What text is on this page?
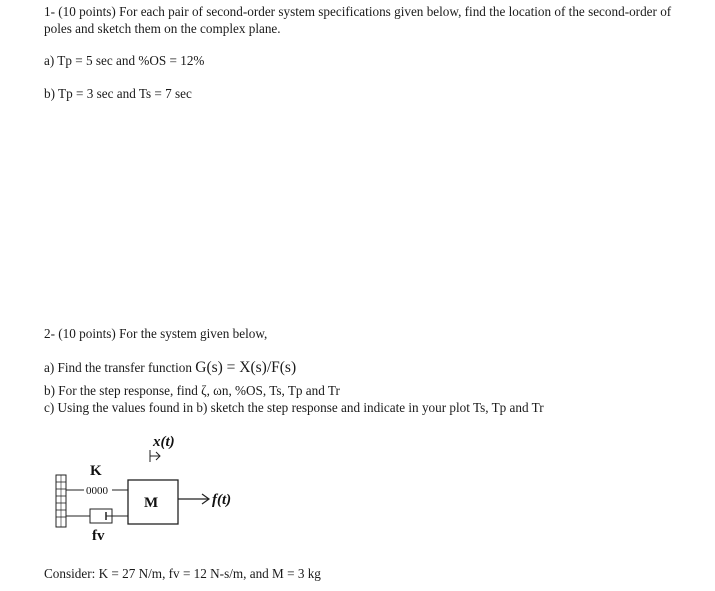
1- (10 points) For each pair of second-order system specifications given below, find the location of the second-order of
poles and sketch them on the complex plane.
a) Tp = 5 sec and %OS = 12%
b) Tp = 3 sec and Ts = 7 sec
2- (10 points) For the system given below,
a) Find the transfer function G(s) = X(s)/F(s)
b) For the step response, find ζ, ωn, %OS, Ts, Tp and Tr
c) Using the values found in b) sketch the step response and indicate in your plot Ts, Tp and Tr
0000
K
fv
M	f(t)
x(t)
Consider: K = 27 N/m, fv = 12 N-s/m, and M = 3 kg
